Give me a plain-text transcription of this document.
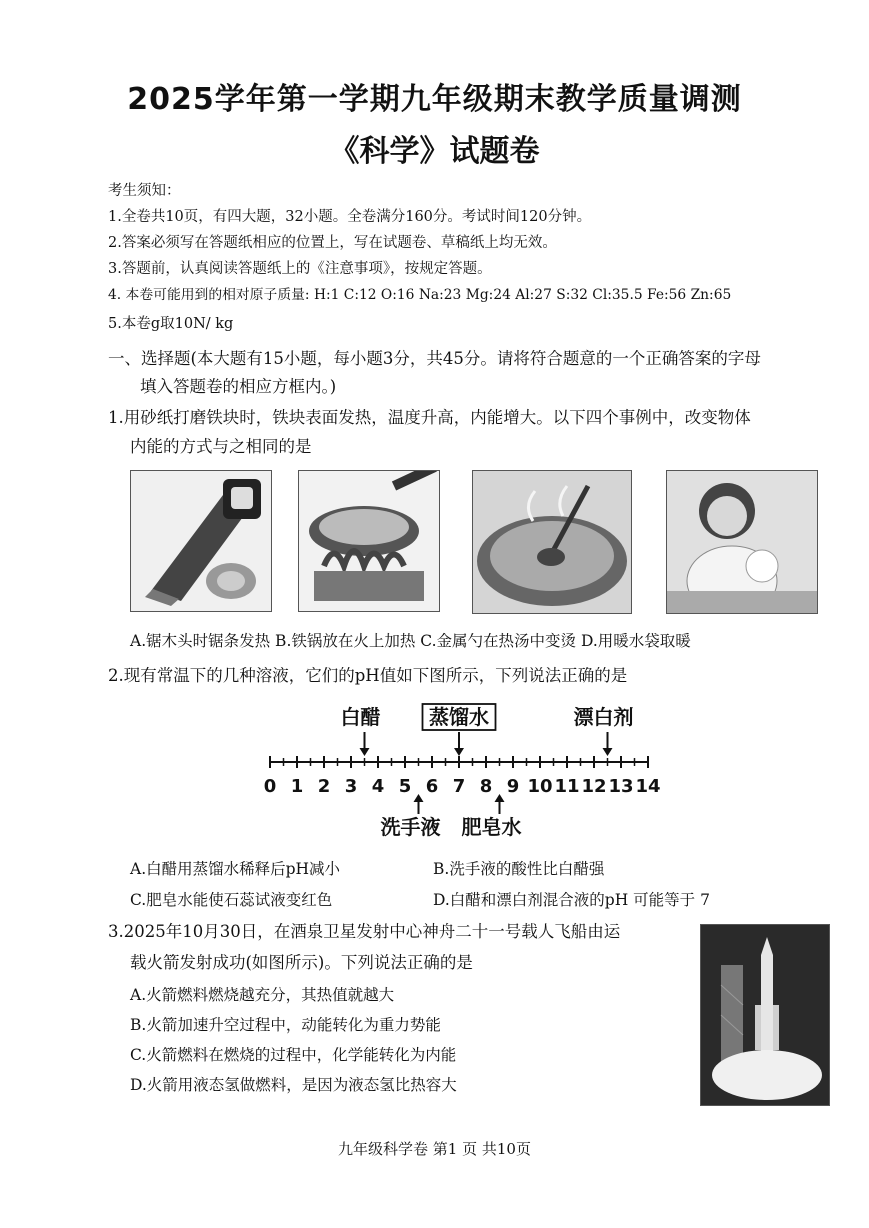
2025学年第一学期九年级期末教学质量调测
《科学》试题卷
考生须知：
1.全卷共10页，有四大题，32小题。全卷满分160分。考试时间120分钟。
2.答案必须写在答题纸相应的位置上，写在试题卷、草稿纸上均无效。
3.答题前，认真阅读答题纸上的《注意事项》，按规定答题。
4. 本卷可能用到的相对原子质量: H:1 C:12 O:16 Na:23 Mg:24 Al:27 S:32 Cl:35.5 Fe:56 Zn:65
5.本卷g取10N/ kg
一、选择题(本大题有15小题，每小题3分，共45分。请将符合题意的一个正确答案的字母
填入答题卷的相应方框内。)
1.用砂纸打磨铁块时，铁块表面发热，温度升高，内能增大。以下四个事例中，改变物体
内能的方式与之相同的是
A.锯木头时锯条发热 B.铁锅放在火上加热 C.金属勺在热汤中变烫 D.用暖水袋取暖
2.现有常温下的几种溶液，它们的pH值如下图所示，下列说法正确的是
0 1 2 3 4 5 6 7 8 9 10 11 12 13 14
白醋 蒸馏水	漂白剂
洗手液 肥皂水
A.白醋用蒸馏水稀释后pH减小	B.洗手液的酸性比白醋强
C.肥皂水能使石蕊试液变红色	D.白醋和漂白剂混合液的pH 可能等于 7
3.2025年10月30日，在酒泉卫星发射中心神舟二十一号载人飞船由运
载火箭发射成功(如图所示)。下列说法正确的是
A.火箭燃料燃烧越充分，其热值就越大
B.火箭加速升空过程中，动能转化为重力势能
C.火箭燃料在燃烧的过程中，化学能转化为内能
D.火箭用液态氢做燃料，是因为液态氢比热容大
九年级科学卷 第1 页 共10页
